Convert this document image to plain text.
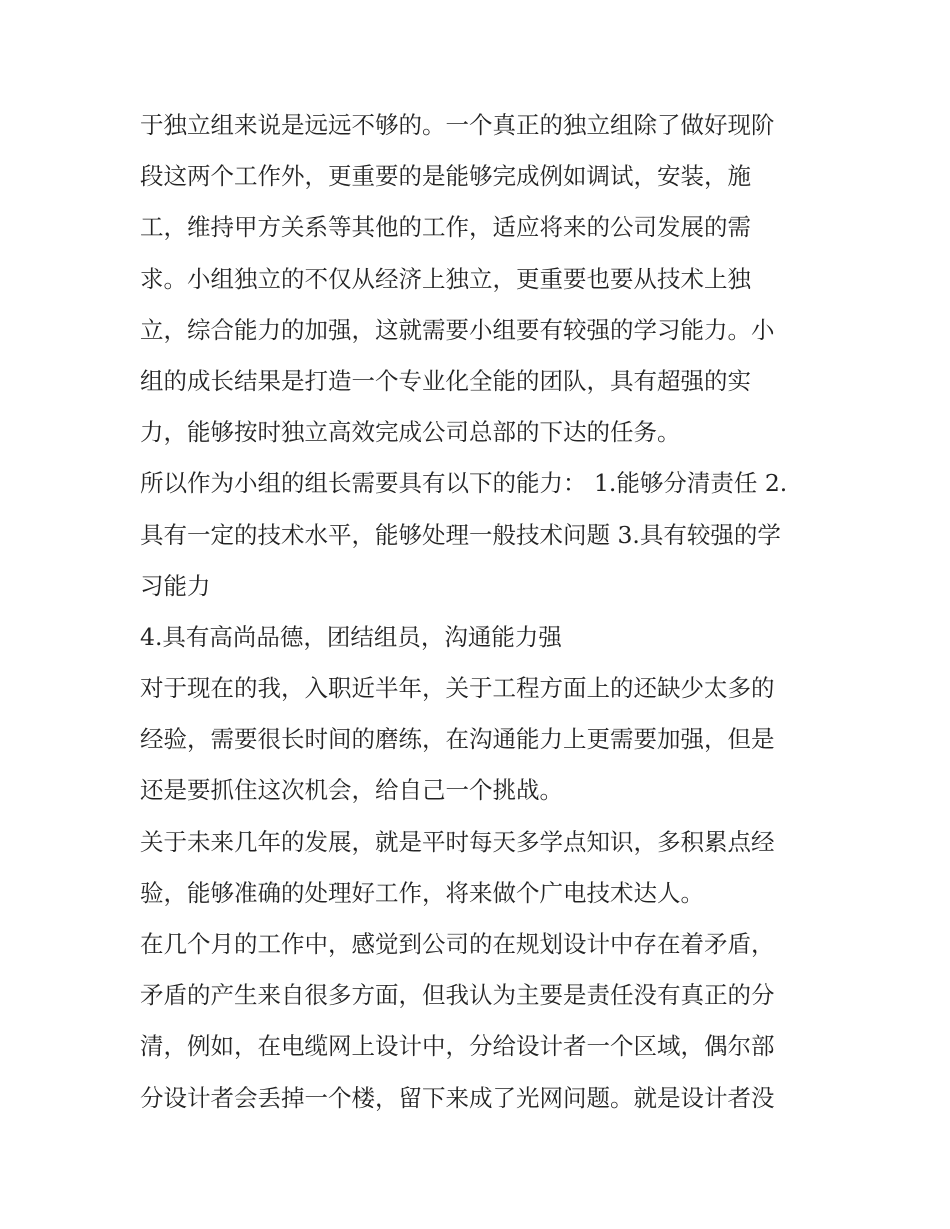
于独立组来说是远远不够的。一个真正的独立组除了做好现阶
段这两个工作外，更重要的是能够完成例如调试，安装，施
工，维持甲方关系等其他的工作，适应将来的公司发展的需
求。小组独立的不仅从经济上独立，更重要也要从技术上独
立，综合能力的加强，这就需要小组要有较强的学习能力。小
组的成长结果是打造一个专业化全能的团队，具有超强的实
力，能够按时独立高效完成公司总部的下达的任务。
所以作为小组的组长需要具有以下的能力： 1.能够分清责任 2.
具有一定的技术水平，能够处理一般技术问题 3.具有较强的学
习能力
4.具有高尚品德，团结组员，沟通能力强
对于现在的我，入职近半年，关于工程方面上的还缺少太多的
经验，需要很长时间的磨练，在沟通能力上更需要加强，但是
还是要抓住这次机会，给自己一个挑战。
关于未来几年的发展，就是平时每天多学点知识，多积累点经
验，能够准确的处理好工作，将来做个广电技术达人。
在几个月的工作中，感觉到公司的在规划设计中存在着矛盾，
矛盾的产生来自很多方面，但我认为主要是责任没有真正的分
清，例如，在电缆网上设计中，分给设计者一个区域，偶尔部
分设计者会丢掉一个楼，留下来成了光网问题。就是设计者没
